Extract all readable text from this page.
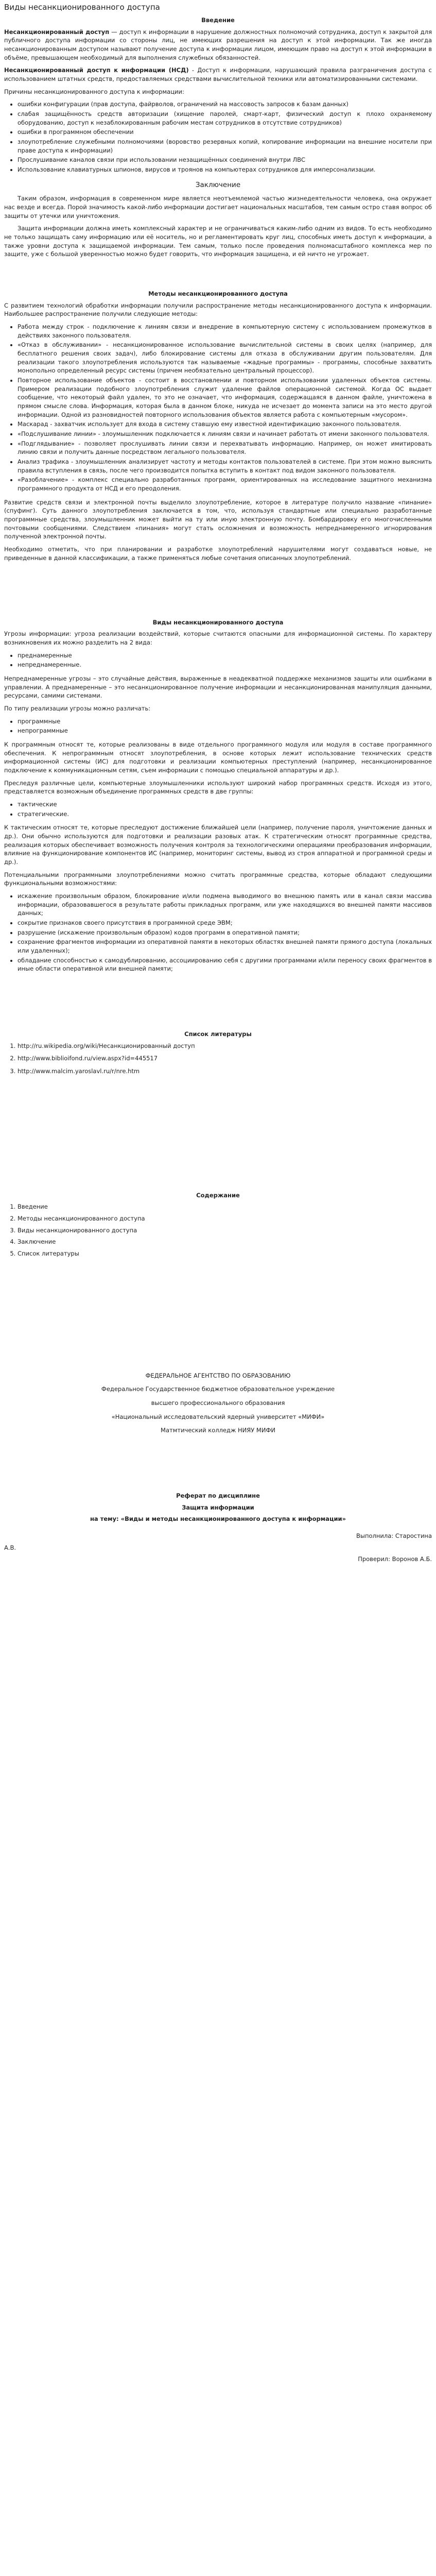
Виды несанкционированного доступа
Введение

Несанкционированный доступ — доступ к информации в нарушение должностных полномочий сотрудника, доступ к закрытой для публичного доступа информации со стороны лиц, не имеющих разрешения на доступ к этой информации. Так же иногда несанкционированным доступом называют получение доступа к информации лицом, имеющим право на доступ к этой информации в объёме, превышающем необходимый для выполнения служебных обязанностей.

Несанкционированный доступ к информации (НСД) - Доступ к информации, нарушающий правила разграничения доступа с использованием штатных средств, предоставляемых средствами вычислительной техники или автоматизированными системами.

Причины несанкционированного доступа к информации:

• ошибки конфигурации (прав доступа, файрволов, ограничений на массовость запросов к базам данных)
• слабая защищённость средств авторизации (хищение паролей, смарт-карт, физический доступ к плохо охраняемому оборудованию, доступ к незаблокированным рабочим местам сотрудников в отсутствие сотрудников)
• ошибки в программном обеспечении
• злоупотребление служебными полномочиями (воровство резервных копий, копирование информации на внешние носители при праве доступа к информации)
• Прослушивание каналов связи при использовании незащищённых соединений внутри ЛВС
• Использование клавиатурных шпионов, вирусов и троянов на компьютерах сотрудников для имперсонализации.
Заключение

Таким образом, информация в современном мире является неотъемлемой частью жизнедеятельности человека, она окружает нас везде и всегда. Порой значимость какой-либо информации достигает национальных масштабов, тем самым остро ставя вопрос об защиты от утечки или уничтожения.

Защита информации должна иметь комплексный характер и не ограничиваться каким-либо одним из видов. То есть необходимо не только защищать саму информацию или её носитель, но и регламентировать круг лиц, способных иметь доступ к информации, а также уровни доступа к защищаемой информации. Тем самым, только после проведения полномасштабного комплекса мер по защите, уже с большой уверенностью можно будет говорить, что информация защищена, и ей ничто не угрожает.

Методы несанкционированного доступа

С развитием технологий обработки информации получили распространение методы несанкционированного доступа к информации. Наибольшее распространение получили следующие методы:

• Работа между строк - подключение к линиям связи и внедрение в компьютерную систему с использованием промежутков в действиях законного пользователя.
• «Отказ в обслуживании» - несанкционированное использование вычислительной системы в своих целях (например, для бесплатного решения своих задач), либо блокирование системы для отказа в обслуживании другим пользователям. Для реализации такого злоупотребления используются так называемые «жадные программы» - программы, способные захватить монопольно определенный ресурс системы (причем необязательно центральный процессор).
• Повторное использование объектов - состоит в восстановлении и повторном использовании удаленных объектов системы. Примером реализации подобного злоупотребления служит удаление файлов операционной системой. Когда ОС выдает сообщение, что некоторый файл удален, то это не означает, что информация, содержащаяся в данном файле, уничтожена в прямом смысле слова. Информация, которая была в данном блоке, никуда не исчезает до момента записи на это место другой информации. Одной из разновидностей повторного использования объектов является работа с компьютерным «мусором».
• Маскарад - захватчик использует для входа в систему ставшую ему известной идентификацию законного пользователя.
• «Подслушивание линии» - злоумышленник подключается к линиям связи и начинает работать от имени законного пользователя.
• «Подглядывание» - позволяет прослушивать линии связи и перехватывать информацию. Например, он может имитировать линию связи и получить данные посредством легального пользователя.
• Анализ трафика - злоумышленник анализирует частоту и методы контактов пользователей в системе. При этом можно выяснить правила вступления в связь, после чего производится попытка вступить в контакт под видом законного пользователя.
• «Разоблачение» - комплекс специально разработанных программ, ориентированных на исследование защитного механизма программного продукта от НСД и его преодоления.

Развитие средств связи и электронной почты выделило злоупотребление, которое в литературе получило название «пинание» (спуфинг). Суть данного злоупотребления заключается в том, что, используя стандартные или специально разработанные программные средства, злоумышленник может выйти на ту или иную электронную почту. Бомбардировку его многочисленными почтовыми сообщениями. Следствием «пинания» могут стать осложнения и возможность непреднамеренного игнорирования полученной электронной почты.

Необходимо отметить, что при планировании и разработке злоупотреблений нарушителями могут создаваться новые, не приведенные в данной классификации, а также применяться любые сочетания описанных злоупотреблений.

Виды несанкционированного доступа

Угрозы информации: угроза реализации воздействий, которые считаются опасными для информационной системы. По характеру возникновения их можно разделить на 2 вида:

• преднамеренные
• непреднамеренные.

Непреднамеренные угрозы – это случайные действия, выраженные в неадекватной поддержке механизмов защиты или ошибками в управлении. А преднамеренные – это несанкционированное получение информации и несанкционированная манипуляция данными, ресурсами, самими системами.

По типу реализации угрозы можно различать:

• программные
• непрограммные

К программным относят те, которые реализованы в виде отдельного программного модуля или модуля в составе программного обеспечения. К непрограммным относят злоупотребления, в основе которых лежит использование технических средств информационной системы (ИС) для подготовки и реализации компьютерных преступлений (например, несанкционированное подключение к коммуникационным сетям, съем информации с помощью специальной аппаратуры и др.).

Преследуя различные цели, компьютерные злоумышленники используют широкий набор программных средств. Исходя из этого, представляется возможным объединение программных средств в две группы:

• тактические
• стратегические.

К тактическим относят те, которые преследуют достижение ближайшей цели (например, получение пароля, уничтожение данных и др.). Они обычно используются для подготовки и реализации разовых атак. К стратегическим относят программные средства, реализация которых обеспечивает возможность получения контроля за технологическими операциями преобразования информации, влияние на функционирование компонентов ИС (например, мониторинг системы, вывод из строя аппаратной и программной среды и др.).

Потенциальными программными злоупотреблениями можно считать программные средства, которые обладают следующими функциональными возможностями:

• искажение произвольным образом, блокирование и/или подмена выводимого во внешнюю память или в канал связи массива информации, образовавшегося в результате работы прикладных программ, или уже находящихся во внешней памяти массивов данных;
• сокрытие признаков своего присутствия в программной среде ЭВМ;
• разрушение (искажение произвольным образом) кодов программ в оперативной памяти;
• сохранение фрагментов информации из оперативной памяти в некоторых областях внешней памяти прямого доступа (локальных или удаленных);
• обладание способностью к самодублированию, ассоциированию себя с другими программами и/или переносу своих фрагментов в иные области оперативной или внешней памяти;
Список литературы
1. http://ru.wikipedia.org/wiki/Несанкционированный доступ
2. http://www.biblioifond.ru/view.aspx?id=445517
3. http://www.malcim.yaroslavl.ru/r/nre.htm
Содержание
1. Введение
2. Методы несанкционированного доступа
3. Виды несанкционированного доступа
4. Заключение
5. Список литературы

ФЕДЕРАЛЬНОЕ АГЕНТСТВО ПО ОБРАЗОВАНИЮ

Федеральное Государственное бюджетное образовательное учреждение

высшего профессионального образования

«Национальный исследовательский ядерный университет «МИФИ»

Матмтический колледж НИЯУ МИФИ

Реферат по дисциплине
Защита информации
на тему: «Виды и методы несанкционированного доступа к информации»
Выполнила: Старостина
А.В.
Проверил: Воронов А.Б.
